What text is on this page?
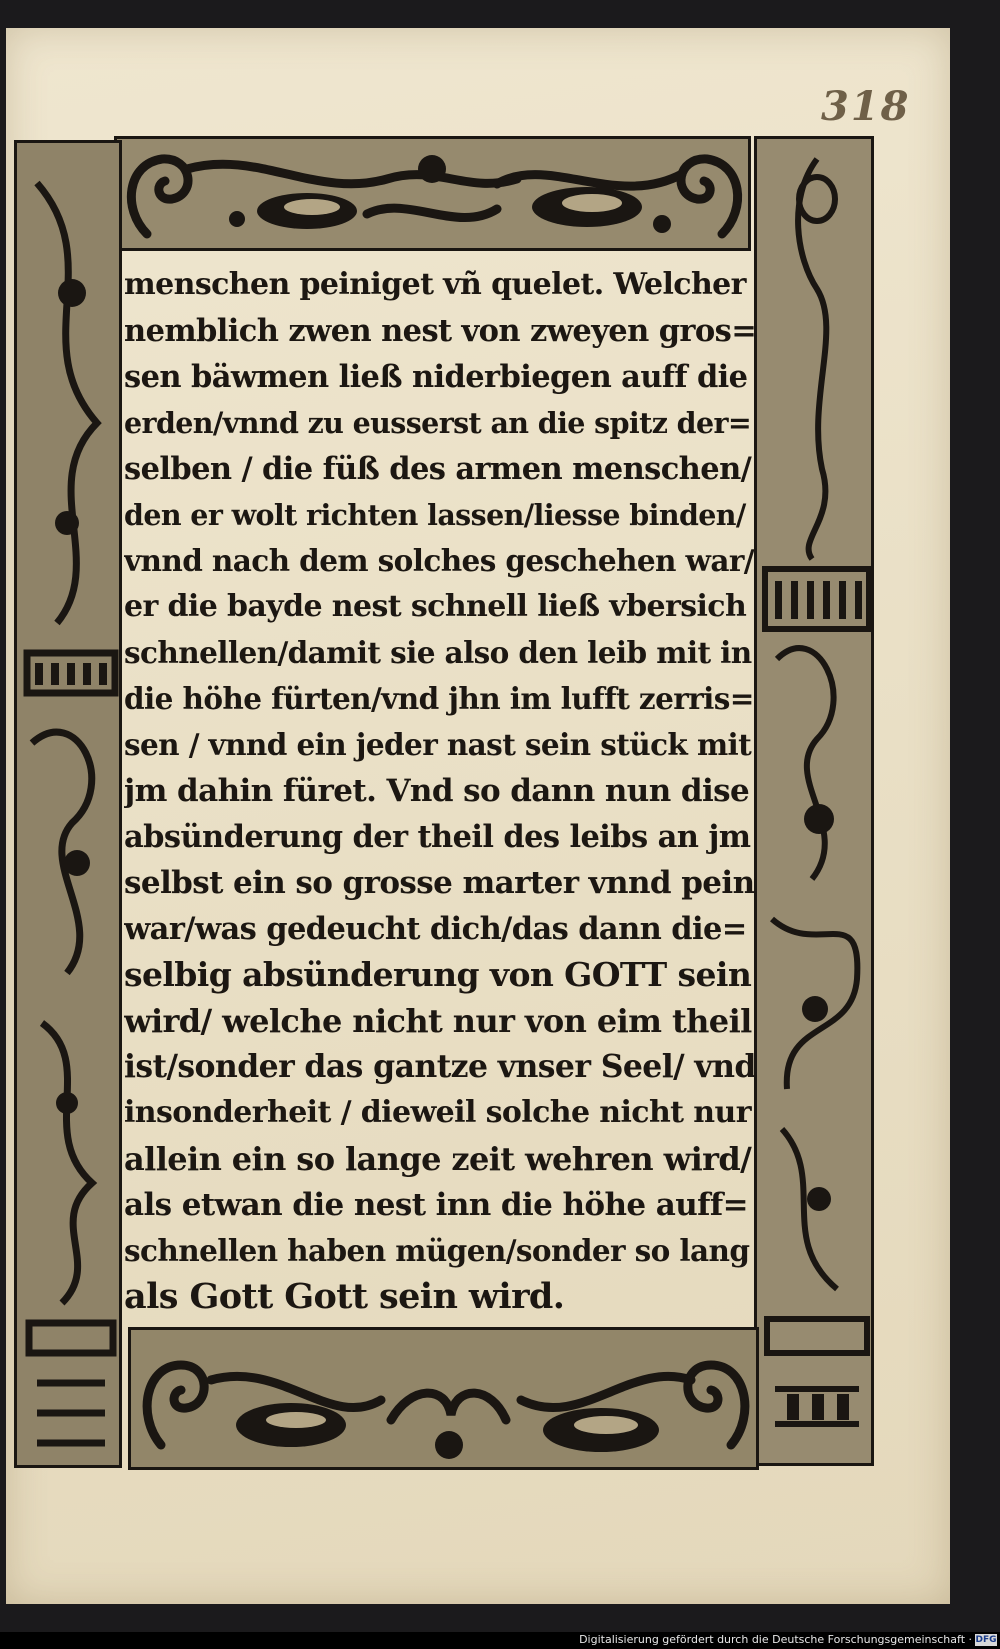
318
menschen peiniget vñ quelet. Welcher
nemblich zwen nest von zweyen gros=
sen bäwmen ließ niderbiegen auff die
erden/vnnd zu eusserst an die spitz der=
selben / die füß des armen menschen/
den er wolt richten lassen/liesse binden/
vnnd nach dem solches geschehen war/
er die bayde nest schnell ließ vbersich
schnellen/damit sie also den leib mit in
die höhe fürten/vnd jhn im lufft zerris=
sen / vnnd ein jeder nast sein stück mit
jm dahin füret. Vnd so dann nun dise
absünderung der theil des leibs an jm
selbst ein so grosse marter vnnd pein
war/was gedeucht dich/das dann die=
selbig absünderung von GOTT sein
wird/ welche nicht nur von eim theil
ist/sonder das gantze vnser Seel/ vnd
insonderheit / dieweil solche nicht nur
allein ein so lange zeit wehren wird/
als etwan die nest inn die höhe auff=
schnellen haben mügen/sonder so lang
als Gott Gott sein wird.
Digitalisierung gefördert durch die Deutsche Forschungsgemeinschaft · DFG
